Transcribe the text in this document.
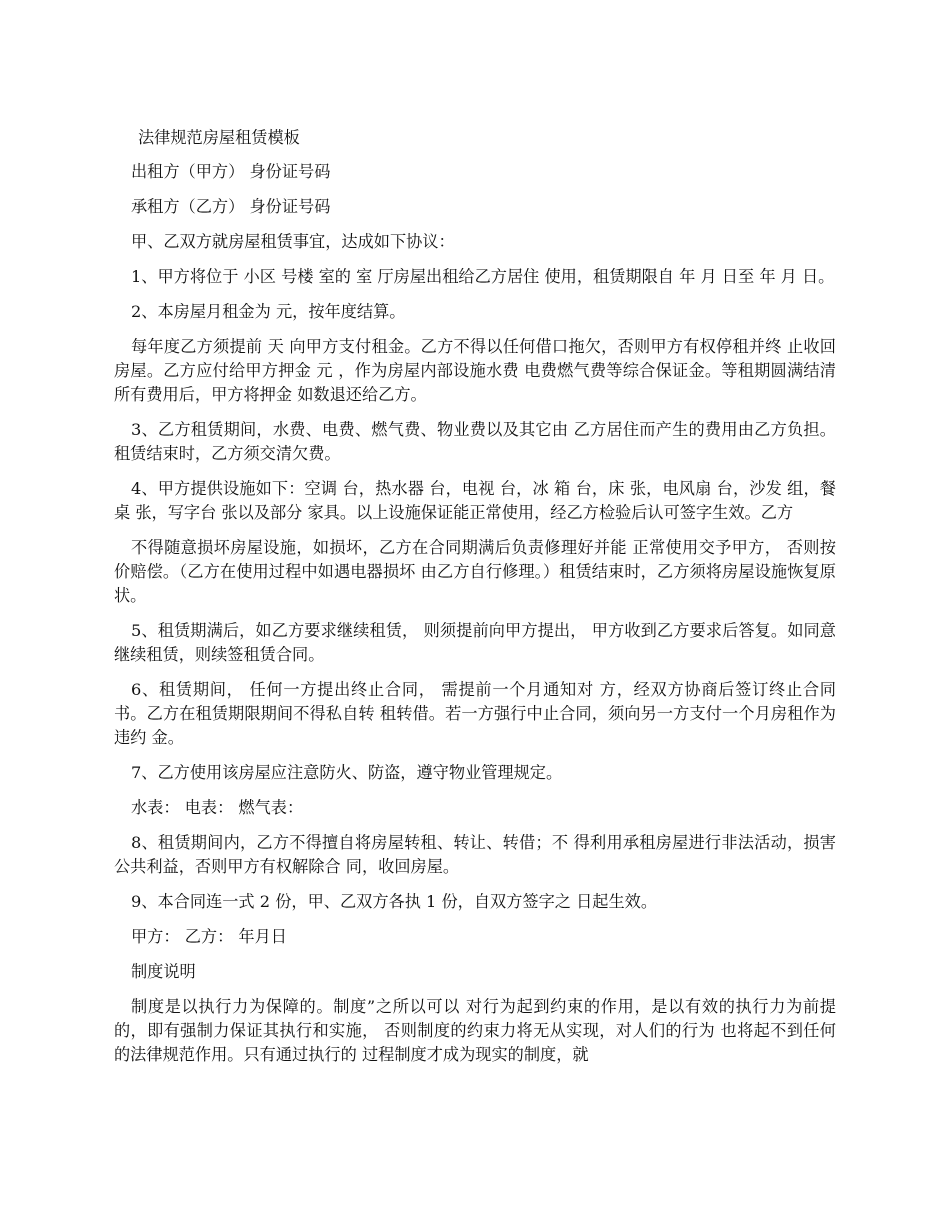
法律规范房屋租赁模板

出租方（甲方） 身份证号码

承租方（乙方） 身份证号码

甲、乙双方就房屋租赁事宜，达成如下协议：

1、甲方将位于 小区 号楼 室的 室 厅房屋出租给乙方居住 使用，租赁期限自 年 月 日至 年 月 日。

2、本房屋月租金为 元，按年度结算。

每年度乙方须提前 天 向甲方支付租金。乙方不得以任何借口拖欠，否则甲方有权停租并终 止收回房屋。乙方应付给甲方押金 元 ，作为房屋内部设施水费 电费燃气费等综合保证金。等租期圆满结清所有费用后，甲方将押金 如数退还给乙方。

3、乙方租赁期间，水费、电费、燃气费、物业费以及其它由 乙方居住而产生的费用由乙方负担。租赁结束时，乙方须交清欠费。

4、甲方提供设施如下：空调 台，热水器 台，电视 台，冰 箱 台，床 张，电风扇 台，沙发 组，餐桌 张，写字台 张以及部分 家具。以上设施保证能正常使用，经乙方检验后认可签字生效。乙方

不得随意损坏房屋设施，如损坏，乙方在合同期满后负责修理好并能 正常使用交予甲方， 否则按价赔偿。（乙方在使用过程中如遇电器损坏 由乙方自行修理。）租赁结束时，乙方须将房屋设施恢复原状。

5、租赁期满后，如乙方要求继续租赁， 则须提前向甲方提出， 甲方收到乙方要求后答复。如同意继续租赁，则续签租赁合同。

6、租赁期间， 任何一方提出终止合同， 需提前一个月通知对 方，经双方协商后签订终止合同书。乙方在租赁期限期间不得私自转 租转借。若一方强行中止合同，须向另一方支付一个月房租作为违约 金。

7、乙方使用该房屋应注意防火、防盗，遵守物业管理规定。

水表： 电表： 燃气表：

8、租赁期间内，乙方不得擅自将房屋转租、转让、转借；不 得利用承租房屋进行非法活动，损害公共利益，否则甲方有权解除合 同，收回房屋。

9、本合同连一式 2 份，甲、乙双方各执 1 份，自双方签字之 日起生效。

甲方： 乙方： 年月日

制度说明

制度是以执行力为保障的。制度”之所以可以 对行为起到约束的作用，是以有效的执行力为前提的，即有强制力保证其执行和实施， 否则制度的约束力将无从实现，对人们的行为 也将起不到任何的法律规范作用。只有通过执行的 过程制度才成为现实的制度，就
